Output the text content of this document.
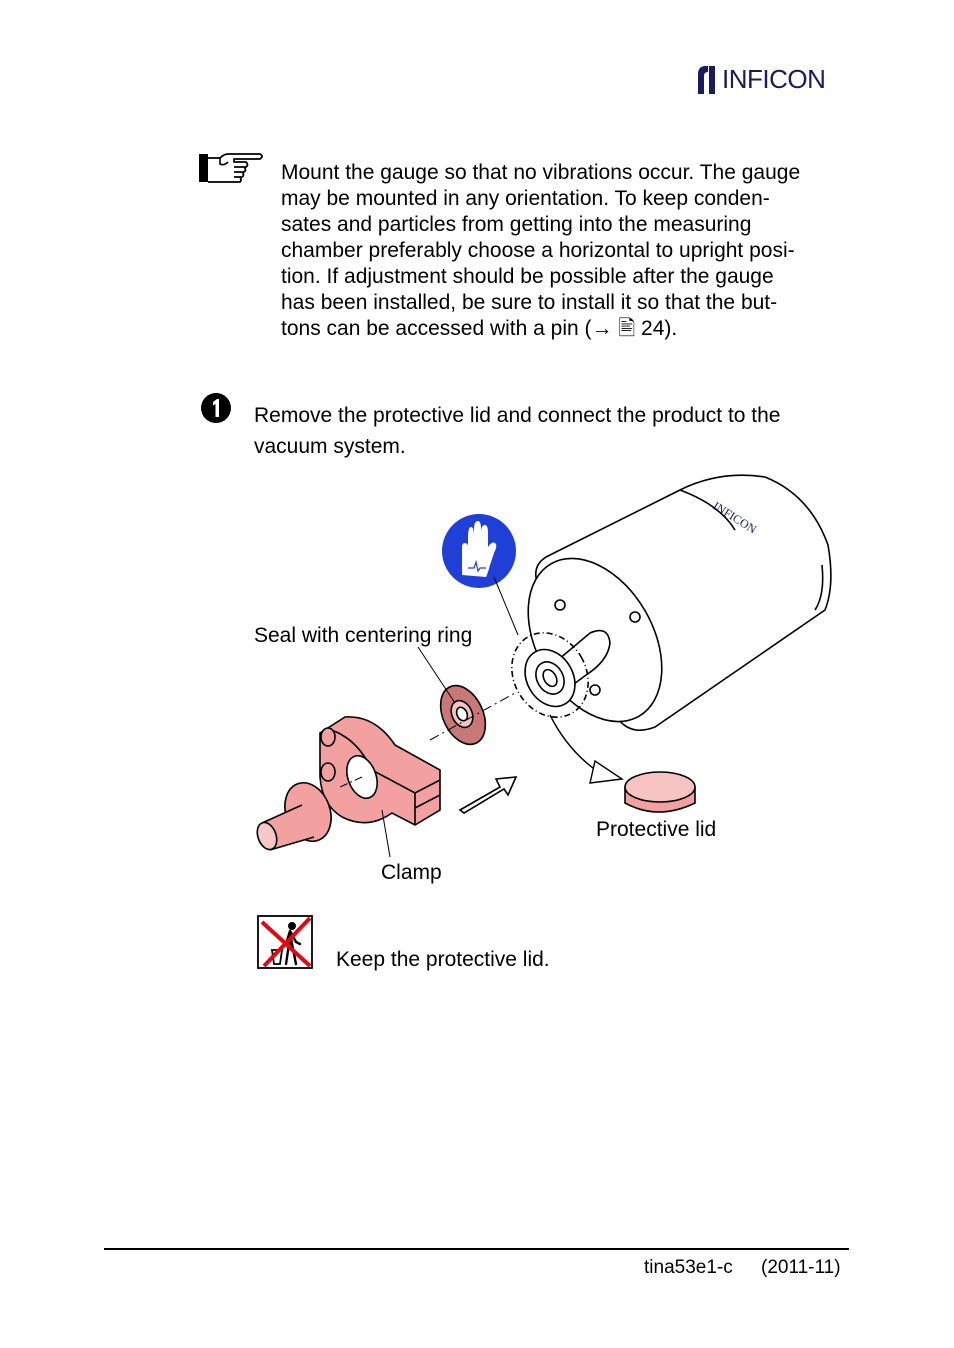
INFICON
Mount the gauge so that no vibrations occur. The gauge
may be mounted in any orientation. To keep conden-
sates and particles from getting into the measuring
chamber preferably choose a horizontal to upright posi-
tion. If adjustment should be possible after the gauge
has been installed, be sure to install it so that the but-
tons can be accessed with a pin (→ 🖹 24).
Remove the protective lid and connect the product to the
vacuum system.
INFICON
Seal with centering ring
Protective lid
Clamp
Keep the protective lid.
tina53e1-c (2011-11)
